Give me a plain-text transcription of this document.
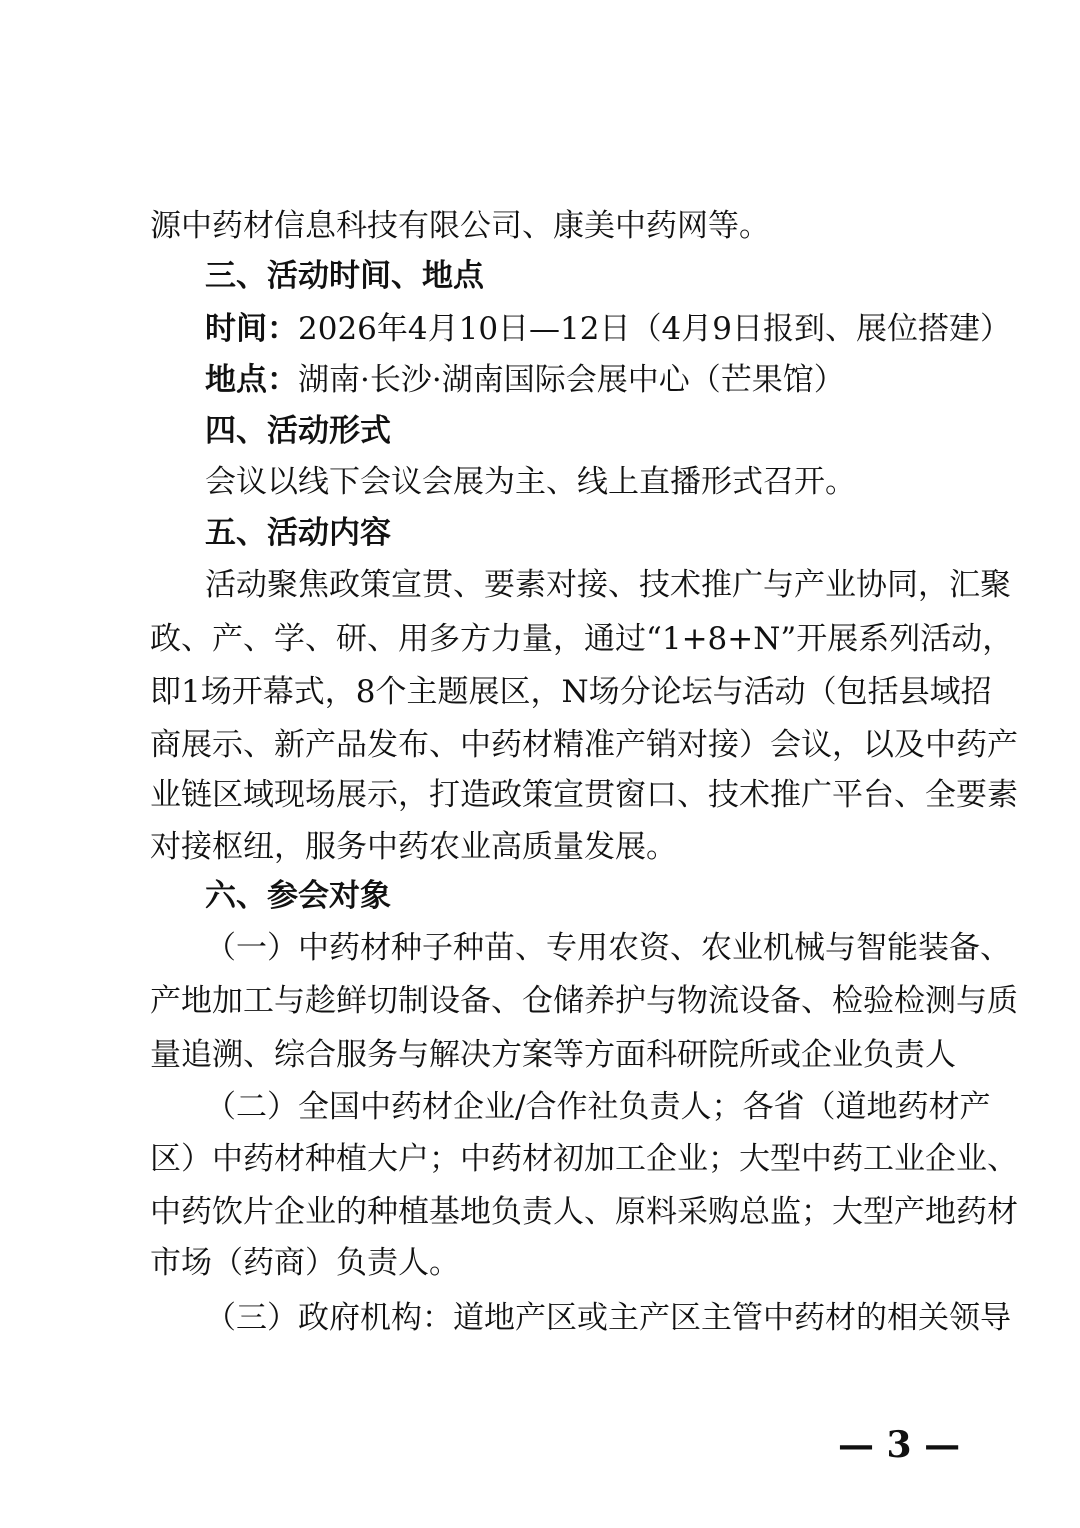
源中药材信息科技有限公司、康美中药网等。
三、活动时间、地点
时间：2026年4月10日—12日（4月9日报到、展位搭建）
地点：湖南·长沙·湖南国际会展中心（芒果馆）
四、活动形式
会议以线下会议会展为主、线上直播形式召开。
五、活动内容
活动聚焦政策宣贯、要素对接、技术推广与产业协同，汇聚
政、产、学、研、用多方力量，通过“1+8+N”开展系列活动，
即1场开幕式，8个主题展区，N场分论坛与活动（包括县域招
商展示、新产品发布、中药材精准产销对接）会议，以及中药产
业链区域现场展示，打造政策宣贯窗口、技术推广平台、全要素
对接枢纽，服务中药农业高质量发展。
六、参会对象
（一）中药材种子种苗、专用农资、农业机械与智能装备、
产地加工与趁鲜切制设备、仓储养护与物流设备、检验检测与质
量追溯、综合服务与解决方案等方面科研院所或企业负责人
（二）全国中药材企业/合作社负责人；各省（道地药材产
区）中药材种植大户；中药材初加工企业；大型中药工业企业、
中药饮片企业的种植基地负责人、原料采购总监；大型产地药材
市场（药商）负责人。
（三）政府机构：道地产区或主产区主管中药材的相关领导
— 3 —
